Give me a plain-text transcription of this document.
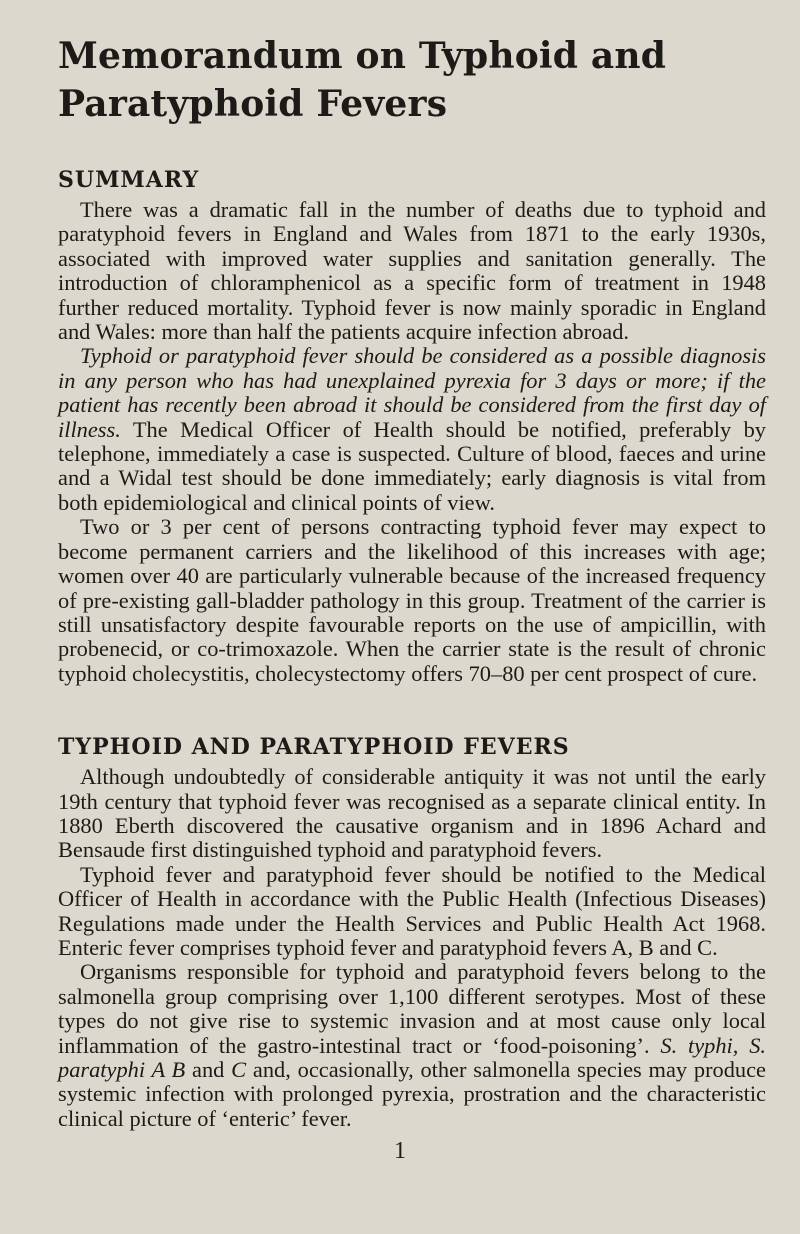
Memorandum on Typhoid and
Paratyphoid Fevers
SUMMARY

There was a dramatic fall in the number of deaths due to typhoid and paratyphoid fevers in England and Wales from 1871 to the early 1930s, associated with improved water supplies and sanitation generally. The introduction of chloramphenicol as a specific form of treatment in 1948 further reduced mortality. Typhoid fever is now mainly sporadic in England and Wales: more than half the patients acquire infection abroad.

Typhoid or paratyphoid fever should be considered as a possible diagnosis in any person who has had unexplained pyrexia for 3 days or more; if the patient has recently been abroad it should be considered from the first day of illness. The Medical Officer of Health should be notified, preferably by telephone, immediately a case is suspected. Culture of blood, faeces and urine and a Widal test should be done immediately; early diagnosis is vital from both epidemiological and clinical points of view.

Two or 3 per cent of persons contracting typhoid fever may expect to become permanent carriers and the likelihood of this increases with age; women over 40 are particularly vulnerable because of the increased frequency of pre-existing gall-bladder pathology in this group. Treatment of the carrier is still unsatisfactory despite favourable reports on the use of ampicillin, with probenecid, or co-trimoxazole. When the carrier state is the result of chronic typhoid cholecystitis, cholecystectomy offers 70–80 per cent prospect of cure.

TYPHOID AND PARATYPHOID FEVERS

Although undoubtedly of considerable antiquity it was not until the early 19th century that typhoid fever was recognised as a separate clinical entity. In 1880 Eberth discovered the causative organism and in 1896 Achard and Bensaude first distinguished typhoid and paratyphoid fevers.

Typhoid fever and paratyphoid fever should be notified to the Medical Officer of Health in accordance with the Public Health (Infectious Diseases) Regulations made under the Health Services and Public Health Act 1968. Enteric fever comprises typhoid fever and paratyphoid fevers A, B and C.

Organisms responsible for typhoid and paratyphoid fevers belong to the salmonella group comprising over 1,100 different serotypes. Most of these types do not give rise to systemic invasion and at most cause only local inflammation of the gastro-intestinal tract or ‘food-poisoning’. S. typhi, S. paratyphi A B and C and, occasionally, other salmonella species may produce systemic infection with prolonged pyrexia, prostration and the characteristic clinical picture of ‘enteric’ fever.

1
